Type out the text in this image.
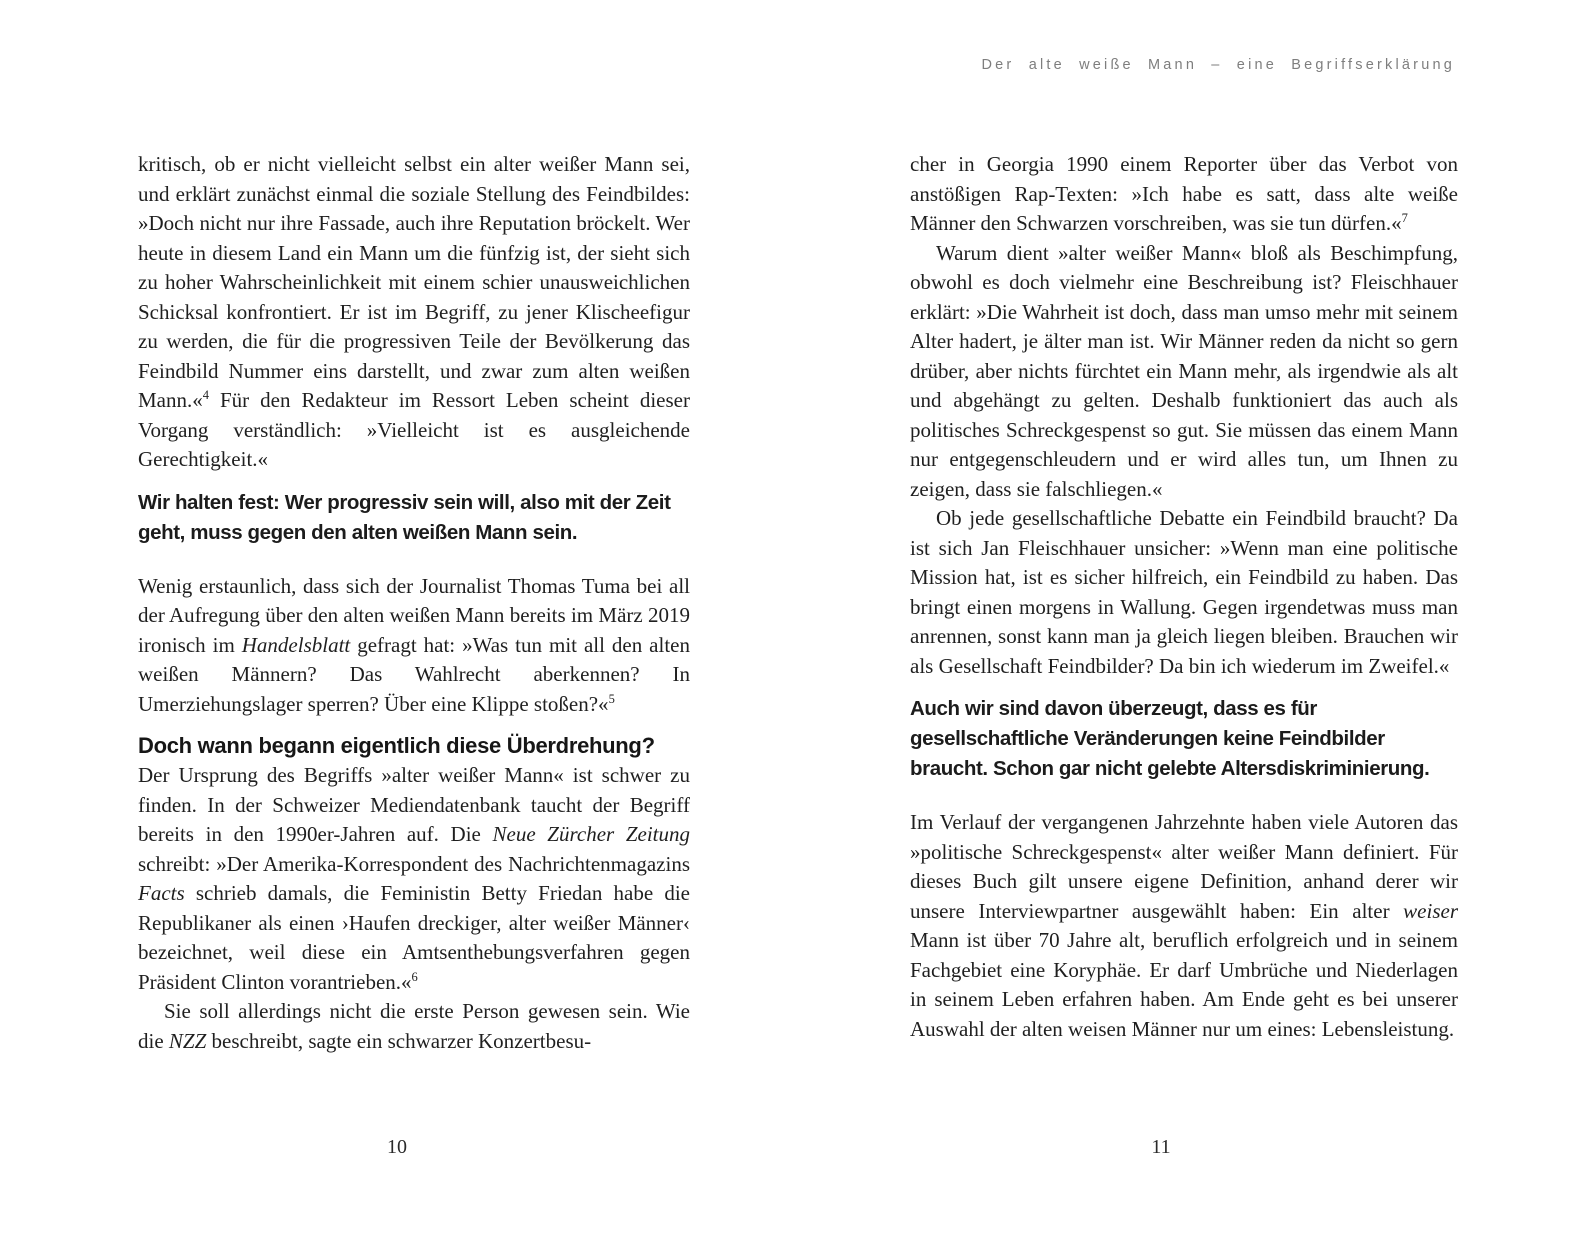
Der alte weiße Mann – eine Begriffserklärung

kritisch, ob er nicht vielleicht selbst ein alter weißer Mann sei, und erklärt zunächst einmal die soziale Stellung des Feindbildes: »Doch nicht nur ihre Fassade, auch ihre Reputation bröckelt. Wer heute in diesem Land ein Mann um die fünfzig ist, der sieht sich zu hoher Wahrscheinlichkeit mit einem schier unausweichlichen Schicksal konfrontiert. Er ist im Begriff, zu jener Klischeefigur zu werden, die für die progressiven Teile der Bevölkerung das Feindbild Nummer eins darstellt, und zwar zum alten weißen Mann.«$^4$ Für den Redakteur im Ressort Leben scheint dieser Vorgang verständlich: »Vielleicht ist es ausgleichende Gerechtigkeit.«

Wir halten fest: Wer progressiv sein will, also mit der Zeit geht, muss gegen den alten weißen Mann sein.

Wenig erstaunlich, dass sich der Journalist Thomas Tuma bei all der Aufregung über den alten weißen Mann bereits im März 2019 ironisch im Handelsblatt gefragt hat: »Was tun mit all den alten weißen Männern? Das Wahlrecht aberkennen? In Umerziehungslager sperren? Über eine Klippe stoßen?«$^5$

Doch wann begann eigentlich diese Überdrehung?

Der Ursprung des Begriffs »alter weißer Mann« ist schwer zu finden. In der Schweizer Mediendatenbank taucht der Begriff bereits in den 1990er-Jahren auf. Die Neue Zürcher Zeitung schreibt: »Der Amerika-Korrespondent des Nachrichtenmagazins Facts schrieb damals, die Feministin Betty Friedan habe die Republikaner als einen ›Haufen dreckiger, alter weißer Männer‹ bezeichnet, weil diese ein Amtsenthebungsverfahren gegen Präsident Clinton vorantrieben.«$^6$

Sie soll allerdings nicht die erste Person gewesen sein. Wie die NZZ beschreibt, sagte ein schwarzer Konzertbesu-

10

cher in Georgia 1990 einem Reporter über das Verbot von anstößigen Rap-Texten: »Ich habe es satt, dass alte weiße Männer den Schwarzen vorschreiben, was sie tun dürfen.«$^7$

Warum dient »alter weißer Mann« bloß als Beschimpfung, obwohl es doch vielmehr eine Beschreibung ist? Fleischhauer erklärt: »Die Wahrheit ist doch, dass man umso mehr mit seinem Alter hadert, je älter man ist. Wir Männer reden da nicht so gern drüber, aber nichts fürchtet ein Mann mehr, als irgendwie als alt und abgehängt zu gelten. Deshalb funktioniert das auch als politisches Schreckgespenst so gut. Sie müssen das einem Mann nur entgegenschleudern und er wird alles tun, um Ihnen zu zeigen, dass sie falschliegen.«

Ob jede gesellschaftliche Debatte ein Feindbild braucht? Da ist sich Jan Fleischhauer unsicher: »Wenn man eine politische Mission hat, ist es sicher hilfreich, ein Feindbild zu haben. Das bringt einen morgens in Wallung. Gegen irgendetwas muss man anrennen, sonst kann man ja gleich liegen bleiben. Brauchen wir als Gesellschaft Feindbilder? Da bin ich wiederum im Zweifel.«

Auch wir sind davon überzeugt, dass es für gesellschaftliche Veränderungen keine Feindbilder braucht. Schon gar nicht gelebte Altersdiskriminierung.

Im Verlauf der vergangenen Jahrzehnte haben viele Autoren das »politische Schreckgespenst« alter weißer Mann definiert. Für dieses Buch gilt unsere eigene Definition, anhand derer wir unsere Interviewpartner ausgewählt haben: Ein alter weiser Mann ist über 70 Jahre alt, beruflich erfolgreich und in seinem Fachgebiet eine Koryphäe. Er darf Umbrüche und Niederlagen in seinem Leben erfahren haben. Am Ende geht es bei unserer Auswahl der alten weisen Männer nur um eines: Lebensleistung.

11
